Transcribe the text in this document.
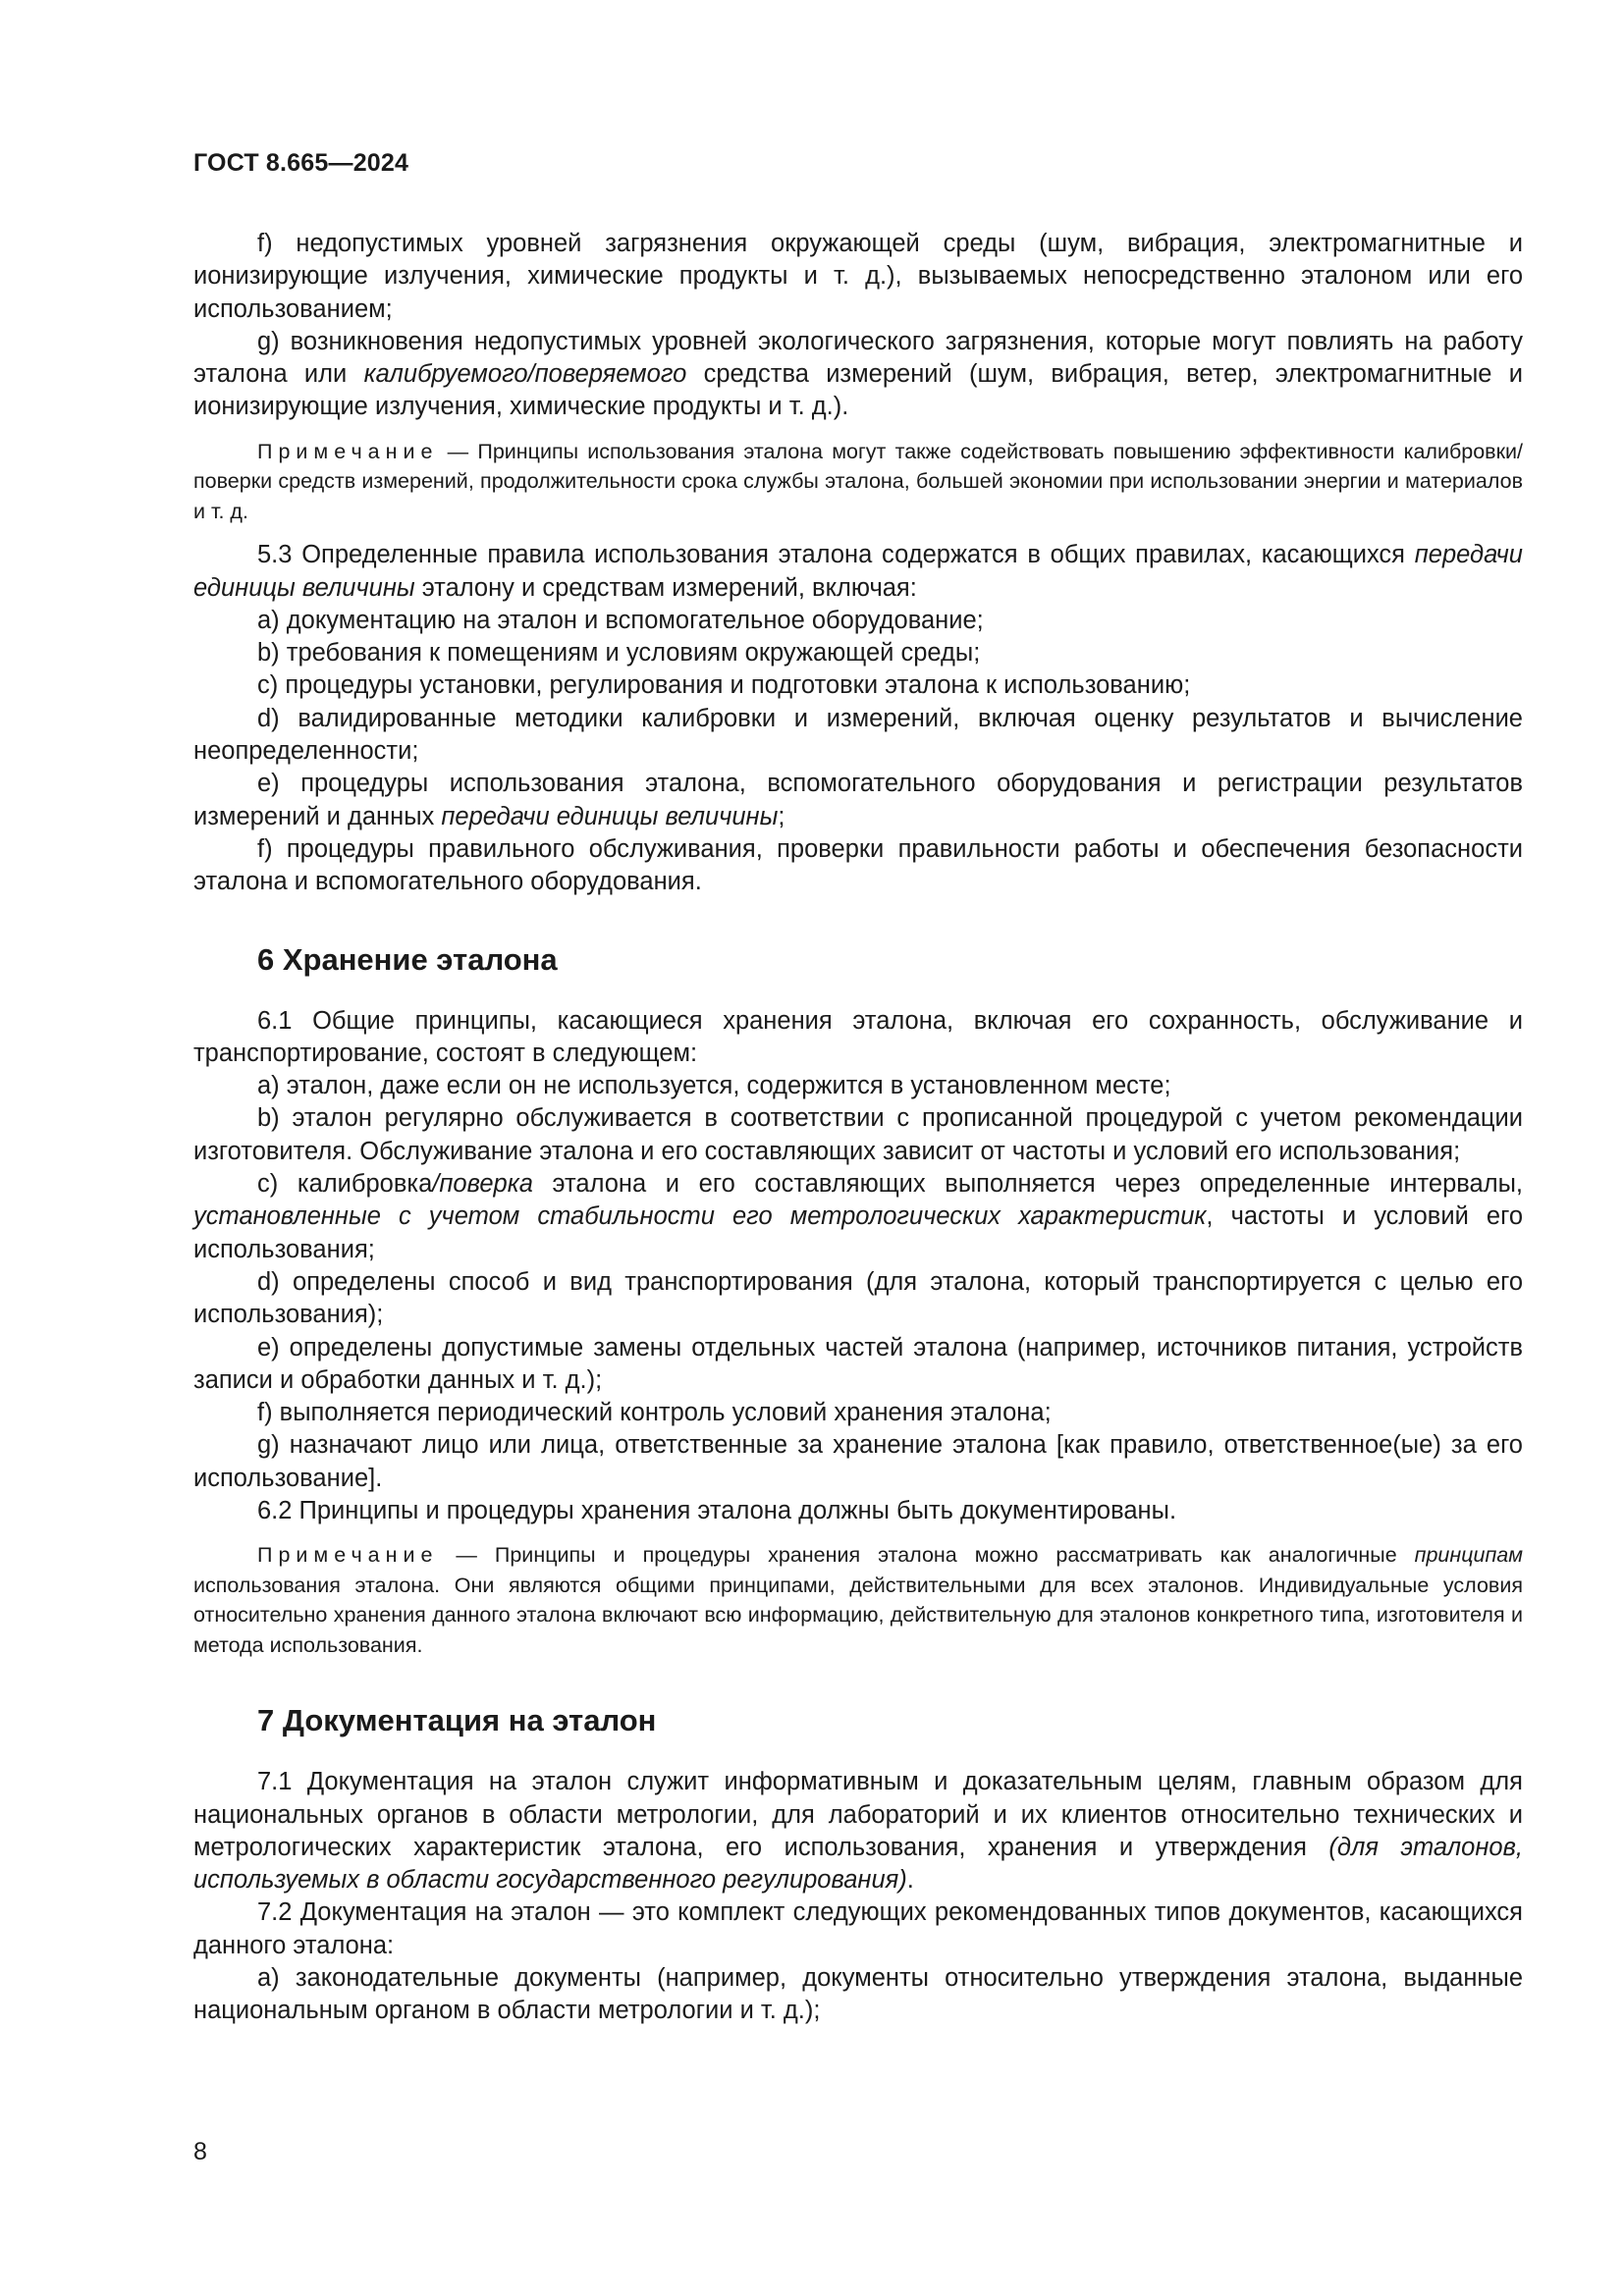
ГОСТ 8.665—2024

f) недопустимых уровней загрязнения окружающей среды (шум, вибрация, электромагнитные и ионизирующие излучения, химические продукты и т. д.), вызываемых непосредственно эталоном или его использованием;

g) возникновения недопустимых уровней экологического загрязнения, которые могут повлиять на работу эталона или калибруемого/поверяемого средства измерений (шум, вибрация, ветер, электромагнитные и ионизирующие излучения, химические продукты и т. д.).

Примечание — Принципы использования эталона могут также содействовать повышению эффективности калибровки/поверки средств измерений, продолжительности срока службы эталона, большей экономии при использовании энергии и материалов и т. д.

5.3 Определенные правила использования эталона содержатся в общих правилах, касающихся передачи единицы величины эталону и средствам измерений, включая:

a) документацию на эталон и вспомогательное оборудование;

b) требования к помещениям и условиям окружающей среды;

c) процедуры установки, регулирования и подготовки эталона к использованию;

d) валидированные методики калибровки и измерений, включая оценку результатов и вычисление неопределенности;

e) процедуры использования эталона, вспомогательного оборудования и регистрации результатов измерений и данных передачи единицы величины;

f) процедуры правильного обслуживания, проверки правильности работы и обеспечения безопасности эталона и вспомогательного оборудования.

6 Хранение эталона

6.1 Общие принципы, касающиеся хранения эталона, включая его сохранность, обслуживание и транспортирование, состоят в следующем:

a) эталон, даже если он не используется, содержится в установленном месте;

b) эталон регулярно обслуживается в соответствии с прописанной процедурой с учетом рекомендации изготовителя. Обслуживание эталона и его составляющих зависит от частоты и условий его использования;

c) калибровка/поверка эталона и его составляющих выполняется через определенные интервалы, установленные с учетом стабильности его метрологических характеристик, частоты и условий его использования;

d) определены способ и вид транспортирования (для эталона, который транспортируется с целью его использования);

e) определены допустимые замены отдельных частей эталона (например, источников питания, устройств записи и обработки данных и т. д.);

f) выполняется периодический контроль условий хранения эталона;

g) назначают лицо или лица, ответственные за хранение эталона [как правило, ответственное(ые) за его использование].

6.2 Принципы и процедуры хранения эталона должны быть документированы.

Примечание — Принципы и процедуры хранения эталона можно рассматривать как аналогичные принципам использования эталона. Они являются общими принципами, действительными для всех эталонов. Индивидуальные условия относительно хранения данного эталона включают всю информацию, действительную для эталонов конкретного типа, изготовителя и метода использования.

7 Документация на эталон

7.1 Документация на эталон служит информативным и доказательным целям, главным образом для национальных органов в области метрологии, для лабораторий и их клиентов относительно технических и метрологических характеристик эталона, его использования, хранения и утверждения (для эталонов, используемых в области государственного регулирования).

7.2 Документация на эталон — это комплект следующих рекомендованных типов документов, касающихся данного эталона:

a) законодательные документы (например, документы относительно утверждения эталона, выданные национальным органом в области метрологии и т. д.);

8
